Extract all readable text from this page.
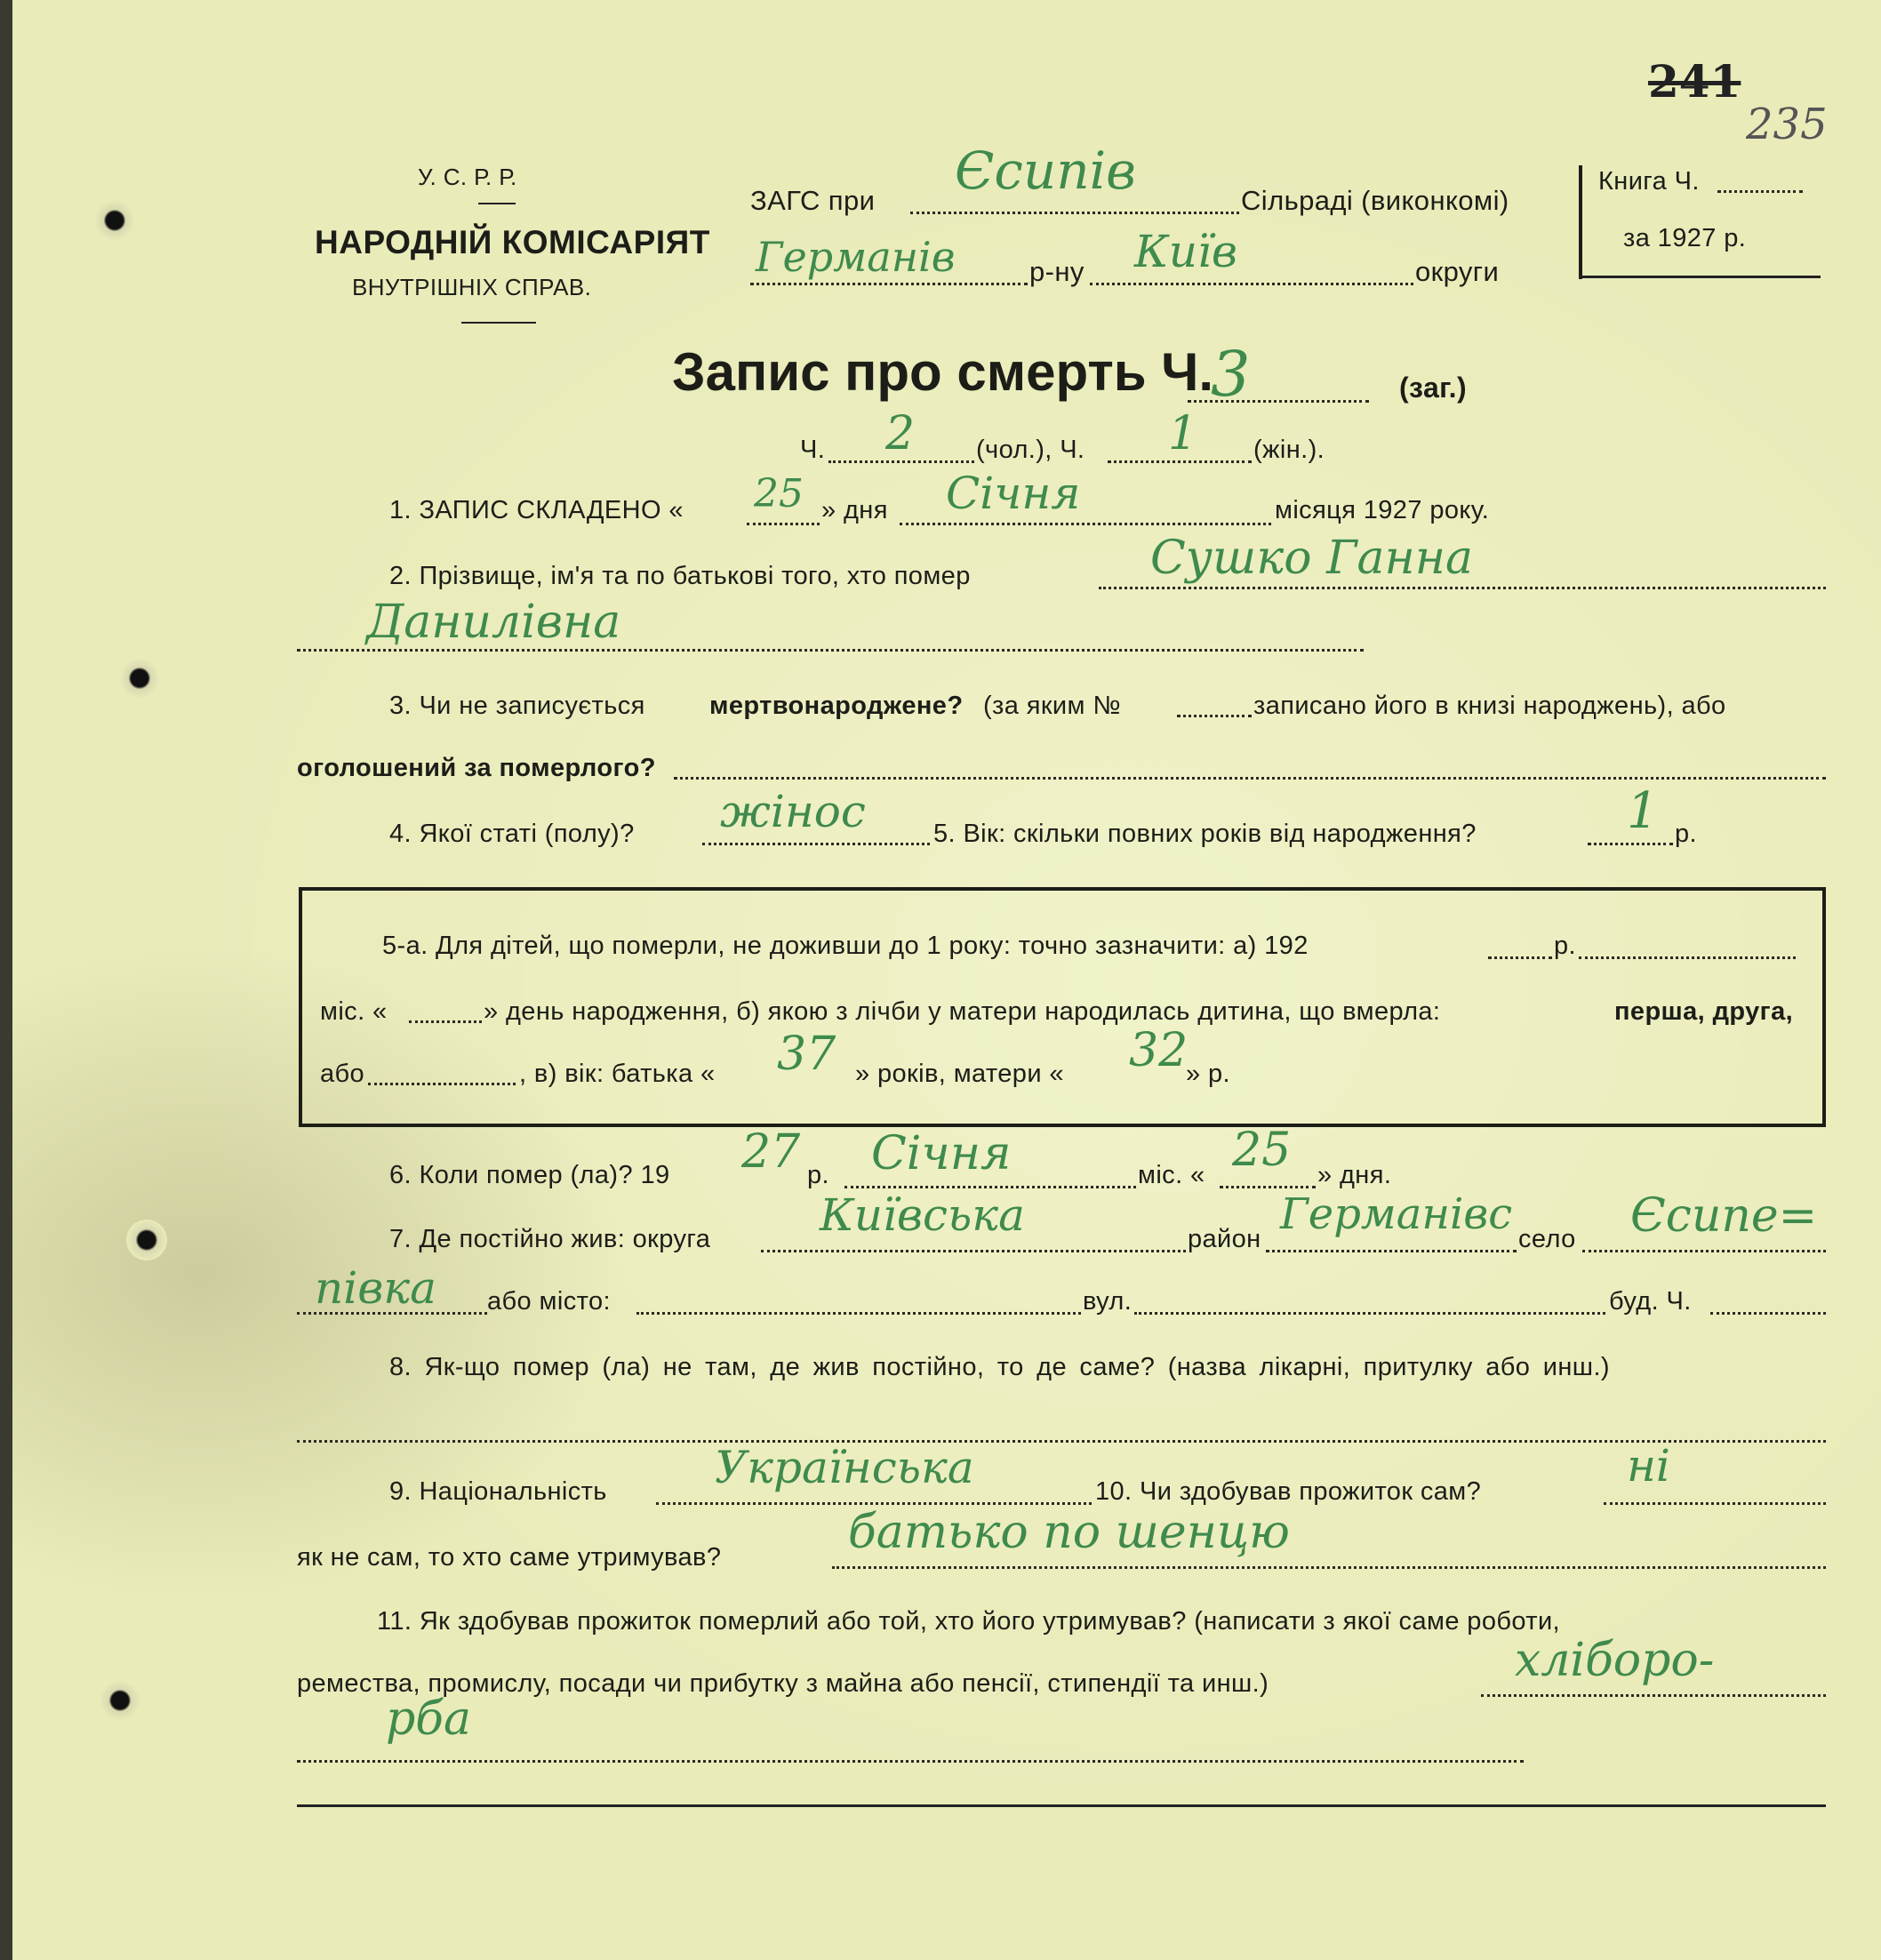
241
235
У. С. Р. Р.
НАРОДНІЙ КОМІСАРІЯТ
ВНУТРІШНІХ СПРАВ.
ЗАГС при Єсипів	Сільраді (виконкомі)
Германів	р-ну Київ	округи
Книга Ч.
за 1927 р.
Запис про смерть Ч.
3	(заг.)
Ч. 2 (чол.), Ч. 1 (жін.).
1. ЗАПИС СКЛАДЕНО « 25 » дня Січня	місяця 1927 року.
2. Прізвище, ім'я та по батькові того, хто помер	Сушко Ганна
Данилівна
3. Чи не записується мертвонароджене? (за яким №	записано його в книзі народжень), або
оголошений за померлого?
4. Якої статі (полу)? жінос	5. Вік: скільки повних років від народження?	1 р.
5-а. Для дітей, що померли, не доживши до 1 року: точно зазначити: а) 192	р.
міс. «	» день народження, б) якою з лічби у матери народилась дитина, що вмерла:	перша, друга,
або	, в) вік: батька « 37 » років, матери « 32
» р.
6. Коли помер (ла)? 19 27 р. Січня	міс. « 25 » дня.
7. Де постійно жив: округа Київська	район Германівс село Єсипе=
півка або місто:	вул.	буд. Ч.
8. Як-що помер (ла) не там, де жив постійно, то де саме? (назва лікарні, притулку або инш.)
9. Національність Українська	10. Чи здобував прожиток сам?	ні
як не сам, то хто саме утримував?	батько по шенцю
11. Як здобував прожиток померлий або той, хто його утримував? (написати з якої саме роботи,
ремества, промислу, посади чи прибутку з майна або пенсії, стипендії та инш.)	хліборо-
рба
